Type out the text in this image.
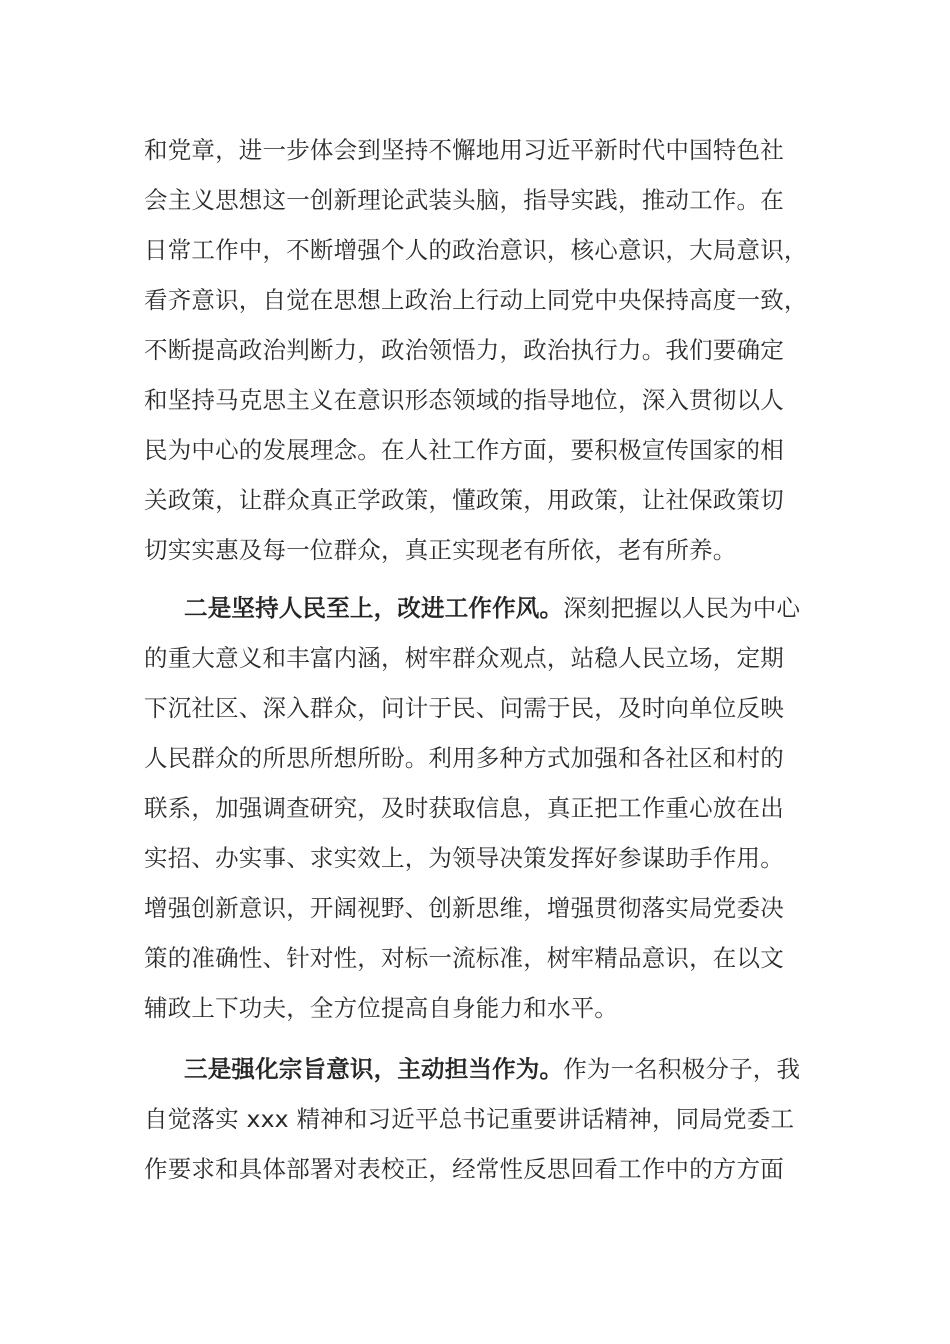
和党章，进一步体会到坚持不懈地用习近平新时代中国特色社
会主义思想这一创新理论武装头脑，指导实践，推动工作。在
日常工作中，不断增强个人的政治意识，核心意识，大局意识，
看齐意识，自觉在思想上政治上行动上同党中央保持高度一致，
不断提高政治判断力，政治领悟力，政治执行力。我们要确定
和坚持马克思主义在意识形态领域的指导地位，深入贯彻以人
民为中心的发展理念。在人社工作方面，要积极宣传国家的相
关政策，让群众真正学政策，懂政策，用政策，让社保政策切
切实实惠及每一位群众，真正实现老有所依，老有所养。
二是坚持人民至上，改进工作作风。深刻把握以人民为中心
的重大意义和丰富内涵，树牢群众观点，站稳人民立场，定期
下沉社区、深入群众，问计于民、问需于民，及时向单位反映
人民群众的所思所想所盼。利用多种方式加强和各社区和村的
联系，加强调查研究，及时获取信息，真正把工作重心放在出
实招、办实事、求实效上，为领导决策发挥好参谋助手作用。
增强创新意识，开阔视野、创新思维，增强贯彻落实局党委决
策的准确性、针对性，对标一流标准，树牢精品意识，在以文
辅政上下功夫，全方位提高自身能力和水平。
三是强化宗旨意识，主动担当作为。作为一名积极分子，我
自觉落实 xxx 精神和习近平总书记重要讲话精神，同局党委工
作要求和具体部署对表校正，经常性反思回看工作中的方方面
